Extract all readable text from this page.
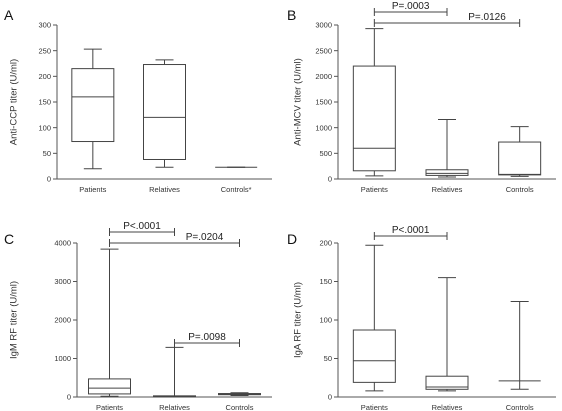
A
0
50
100
150
200
250
300
Anti-CCP titer (U/ml)
Patients	Relatives	Controls*
B
0
500
1000
1500
2000
2500
3000
Anti-MCV titer (U/ml)
Patients	Relatives	Controls
P=.0003
P=.0126
C
0
1000
2000
3000
4000
IgM RF titer (U/ml)
Patients	Relatives	Controls
P<.0001
P=.0204
P=.0098
D
0
50
100
150
200
IgA RF titer (U/ml)
Patients	Relatives	Controls
P<.0001
